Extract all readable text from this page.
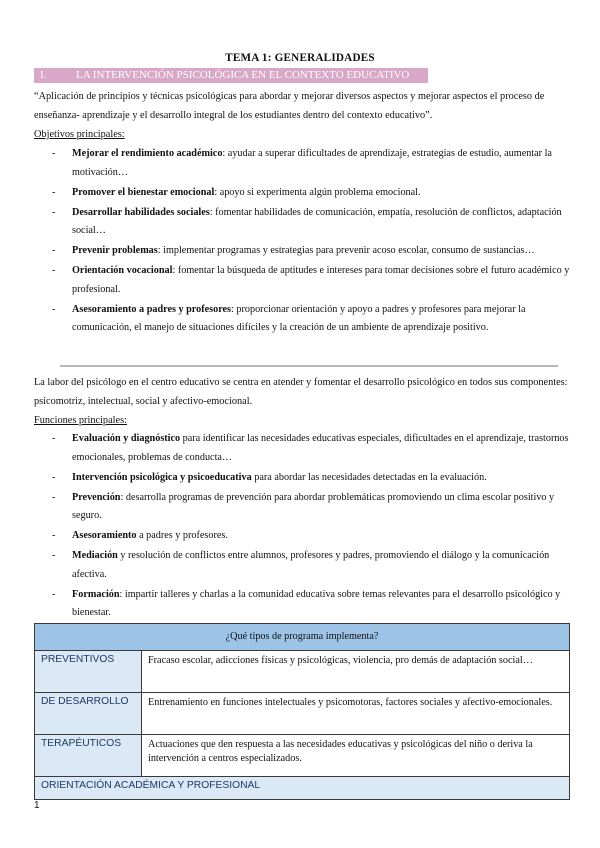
TEMA 1: GENERALIDADES
I.	LA INTERVENCIÓN PSICOLÓGICA EN EL CONTEXTO EDUCATIVO
“Aplicación de principios y técnicas psicológicas para abordar y mejorar diversos aspectos y mejorar aspectos el proceso de enseñanza- aprendizaje y el desarrollo integral de los estudiantes dentro del contexto educativo”.
Objetivos principales:
- Mejorar el rendimiento académico: ayudar a superar dificultades de aprendizaje, estrategias de estudio, aumentar la motivación…
- Promover el bienestar emocional: apoyo si experimenta algún problema emocional.
- Desarrollar habilidades sociales: fomentar habilidades de comunicación, empatía, resolución de conflictos, adaptación social…
- Prevenir problemas: implementar programas y estrategias para prevenir acoso escolar, consumo de sustancias…
- Orientación vocacional: fomentar la búsqueda de aptitudes e intereses para tomar decisiones sobre el futuro académico y profesional.
- Asesoramiento a padres y profesores: proporcionar orientación y apoyo a padres y profesores para mejorar la comunicación, el manejo de situaciones difíciles y la creación de un ambiente de aprendizaje positivo.
La labor del psicólogo en el centro educativo se centra en atender y fomentar el desarrollo psicológico en todos sus componentes: psicomotriz, intelectual, social y afectivo-emocional.
Funciones principales:
- Evaluación y diagnóstico para identificar las necesidades educativas especiales, dificultades en el aprendizaje, trastornos emocionales, problemas de conducta…
- Intervención psicológica y psicoeducativa para abordar las necesidades detectadas en la evaluación.
- Prevención: desarrolla programas de prevención para abordar problemáticas promoviendo un clima escolar positivo y seguro.
- Asesoramiento a padres y profesores.
- Mediación y resolución de conflictos entre alumnos, profesores y padres, promoviendo el diálogo y la comunicación afectiva.
- Formación: impartir talleres y charlas a la comunidad educativa sobre temas relevantes para el desarrollo psicológico y bienestar.
¿Qué tipos de programa implementa?	
PREVENTIVOS	Fracaso escolar, adicciones físicas y psicológicas, violencia, pro demás de adaptación social…
DE DESARROLLO	Entrenamiento en funciones intelectuales y psicomotoras, factores sociales y afectivo-emocionales.
TERAPÉUTICOS	Actuaciones que den respuesta a las necesidades educativas y psicológicas del niño o deriva la intervención a centros especializados.
ORIENTACIÓN ACADÉMICA Y PROFESIONAL	
1
